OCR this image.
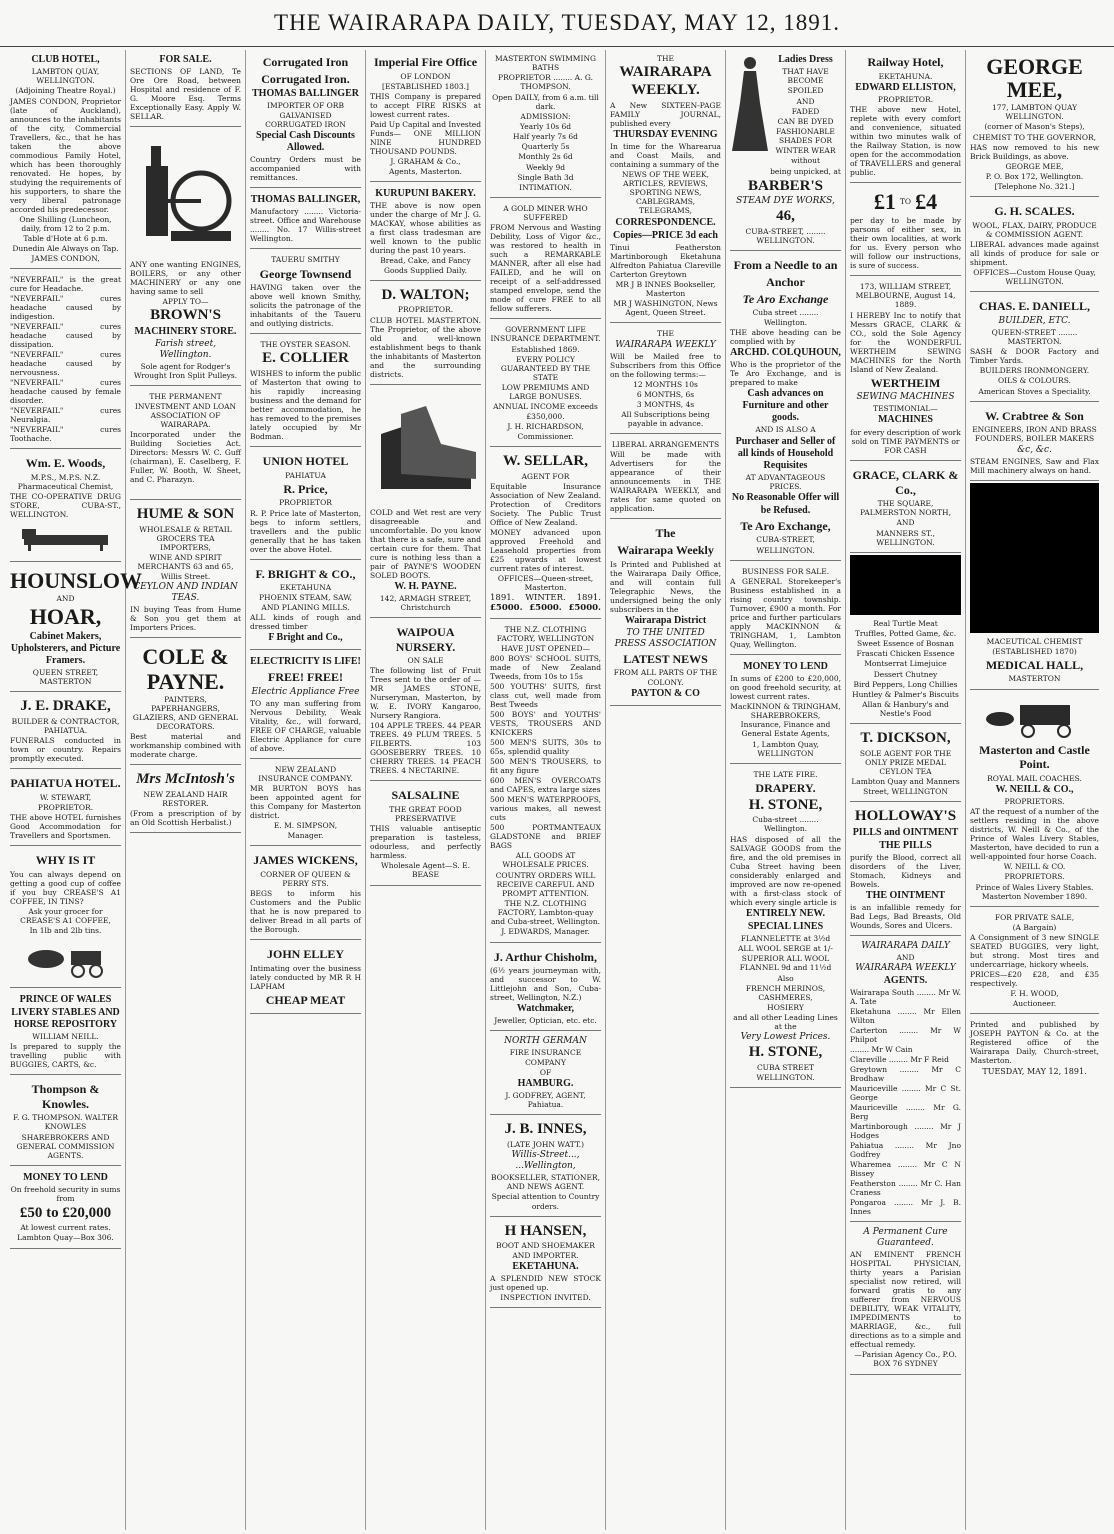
THE WAIRARAPA DAILY, TUESDAY, MAY 12, 1891.
CLUB HOTEL,
LAMBTON QUAY, WELLINGTON.
(Adjoining Theatre Royal.)

JAMES CONDON, Proprietor (late of Auckland), announces to the inhabitants of the city, Commercial Travellers, &c., that he has taken the above commodious Family Hotel, which has been thoroughly renovated. He hopes, by studying the requirements of his supporters, to share the very liberal patronage accorded his predecessor.

One Shilling (Luncheon, daily, from 12 to 2 p.m.
Table d'Hote at 6 p.m.
Dunedin Ale Always on Tap.
JAMES CONDON,

"NEVERFAIL" is the great cure for Headache.

"NEVERFAIL" cures headache caused by indigestion.

"NEVERFAIL" cures headache caused by dissipation.

"NEVERFAIL" cures headache caused by nervousness.

"NEVERFAIL" cures headache caused by female disorder.

"NEVERFAIL" cures Neuralgia.

"NEVERFAIL" cures Toothache.

Wm. E. Woods,
M.P.S., M.P.S. N.Z. Pharmaceutical Chemist,

THE CO-OPERATIVE DRUG STORE, CUBA-ST., WELLINGTON.

HOUNSLOW
AND
HOAR,
Cabinet Makers, Upholsterers, and Picture Framers.
QUEEN STREET, MASTERTON
J. E. DRAKE,
BUILDER & CONTRACTOR, PAHIATUA.

FUNERALS conducted in town or country. Repairs promptly executed.

PAHIATUA HOTEL.
W. STEWART,
PROPRIETOR.

THE above HOTEL furnishes Good Accommodation for Travellers and Sportsmen.

WHY IS IT

You can always depend on getting a good cup of coffee if you buy CREASE'S A1 COFFEE, IN TINS?

Ask your grocer for CREASE'S A1 COFFEE,
In 1lb and 2lb tins.
PRINCE OF WALES LIVERY STABLES AND HORSE REPOSITORY
WILLIAM NEILL.

Is prepared to supply the travelling public with BUGGIES, CARTS, &c.

Thompson & Knowles.
F. G. THOMPSON. WALTER KNOWLES
SHAREBROKERS AND GENERAL COMMISSION AGENTS.
MONEY TO LEND
On freehold security in sums from
£50 to £20,000
At lowest current rates.
Lambton Quay—Box 306.
FOR SALE.

SECTIONS OF LAND, Te Ore Ore Road, between Hospital and residence of F. G. Moore Esq. Terms Exceptionally Easy. Apply W. SELLAR.

ANY one wanting ENGINES, BOILERS, or any other MACHINERY or any one having same to sell

APPLY TO—
BROWN'S
MACHINERY STORE.
Farish street, Wellington.
Sole agent for Rodger's Wrought Iron Split Pulleys.
THE PERMANENT INVESTMENT AND LOAN ASSOCIATION OF WAIRARAPA.

Incorporated under the Building Societies Act. Directors: Messrs W. C. Guff (chairman), E. Caselberg, F. Fuller, W. Booth, W. Sheet, and C. Pharazyn.

HUME & SON
WHOLESALE & RETAIL GROCERS TEA IMPORTERS,
WINE AND SPIRIT MERCHANTS 63 and 65, Willis Street.
CEYLON AND INDIAN TEAS.

IN buying Teas from Hume & Son you get them at Importers Prices.

COLE &
PAYNE.
PAINTERS, PAPERHANGERS, GLAZIERS, AND GENERAL DECORATORS.

Best material and workmanship combined with moderate charge.

Mrs McIntosh's
NEW ZEALAND HAIR RESTORER.

(From a prescription of by an Old Scottish Herbalist.)

Corrugated Iron
Corrugated Iron.
THOMAS BALLINGER
IMPORTER OF ORB GALVANISED CORRUGATED IRON
Special Cash Discounts Allowed.

Country Orders must be accompanied with remittances.

THOMAS BALLINGER,

Manufactory ........ Victoria-street. Office and Warehouse ........ No. 17 Willis-street Wellington.

TAUERU SMITHY
George Townsend

HAVING taken over the above well known Smithy, solicits the patronage of the inhabitants of the Taueru and outlying districts.

THE OYSTER SEASON.
E. COLLIER

WISHES to inform the public of Masterton that owing to his rapidly increasing business and the demand for better accommodation, he has removed to the premises lately occupied by Mr Bodman.

UNION HOTEL
PAHIATUA
R. Price,
PROPRIETOR

R. P. Price late of Masterton, begs to inform settlers, travellers and the public generally that he has taken over the above Hotel.

F. BRIGHT & CO.,
EKETAHUNA
PHOENIX STEAM, SAW, AND PLANING MILLS.

ALL kinds of rough and dressed timber

F Bright and Co.,
ELECTRICITY IS LIFE!
FREE! FREE!
Electric Appliance Free

TO any man suffering from Nervous Debility, Weak Vitality, &c., will forward, FREE OF CHARGE, valuable Electric Appliance for cure of above.

NEW ZEALAND INSURANCE COMPANY.

MR BURTON BOYS has been appointed agent for this Company for Masterton district.

E. M. SIMPSON,
Manager.
JAMES WICKENS,
CORNER OF QUEEN & PERRY STS.

BEGS to inform his Customers and the Public that he is now prepared to deliver Bread in all parts of the Borough.

JOHN ELLEY

Intimating over the business lately conducted by MR R H LAPHAM

CHEAP MEAT
Imperial Fire Office
OF LONDON
[ESTABLISHED 1803.]

THIS Company is prepared to accept FIRE RISKS at lowest current rates.

Paid Up Capital and Invested Funds— ONE MILLION NINE HUNDRED THOUSAND POUNDS.

J. GRAHAM & Co.,
Agents, Masterton.
KURUPUNI BAKERY.

THE above is now open under the charge of Mr J. G. MACKAY, whose abilities as a first class tradesman are well known to the public during the past 10 years.

Bread, Cake, and Fancy Goods Supplied Daily.
D. WALTON;
PROPRIETOR.

CLUB HOTEL MASTERTON. The Proprietor, of the above old and well-known establishment begs to thank the inhabitants of Masterton and the surrounding districts.

COLD and Wet rest are very disagreeable and uncomfortable. Do you know that there is a safe, sure and certain cure for them. That cure is nothing less than a pair of PAYNE'S WOODEN SOLED BOOTS.

W. H. PAYNE.
142, ARMAGH STREET, Christchurch
WAIPOUA NURSERY.
ON SALE

The following list of Fruit Trees sent to the order of — MR JAMES STONE, Nurseryman, Masterton, by W. E. IVORY Kangaroo, Nursery Rangiora.

104 APPLE TREES. 44 PEAR TREES. 49 PLUM TREES. 5 FILBERTS. 103 GOOSEBERRY TREES. 10 CHERRY TREES. 14 PEACH TREES. 4 NECTARINE.

SALSALINE
THE GREAT FOOD PRESERVATIVE

THIS valuable antiseptic preparation is tasteless, odourless, and perfectly harmless.

Wholesale Agent—S. E. BEASE
MASTERTON SWIMMING BATHS
PROPRIETOR ........ A. G. THOMPSON.
Open DAILY, from 6 a.m. till dark.
ADMISSION:
Yearly 10s 6d
Half yearly 7s 6d
Quarterly 5s
Monthly 2s 6d
Weekly 9d
Single Bath 3d
INTIMATION.
A GOLD MINER WHO SUFFERED

FROM Nervous and Wasting Debility, Loss of Vigor &c., was restored to health in such a REMARKABLE MANNER, after all else had FAILED, and he will on receipt of a self-addressed stamped envelope, send the mode of cure FREE to all fellow sufferers.

GOVERNMENT LIFE INSURANCE DEPARTMENT.
Established 1869.
EVERY POLICY GUARANTEED BY THE STATE
LOW PREMIUMS AND LARGE BONUSES.
ANNUAL INCOME exceeds £350,000.
J. H. RICHARDSON,
Commissioner.
W. SELLAR,
AGENT FOR

Equitable Insurance Association of New Zealand. Protection of Creditors Society. The Public Trust Office of New Zealand.

MONEY advanced upon approved Freehold and Leasehold properties from £25 upwards at lowest current rates of interest.

OFFICES—Queen-street, Masterton.
1891. WINTER. 1891.
£5000. £5000. £5000.
THE N.Z. CLOTHING FACTORY, WELLINGTON
HAVE JUST OPENED—

800 BOYS' SCHOOL SUITS, made of New Zealand Tweeds, from 10s to 15s

500 YOUTHS' SUITS, first class cut, well made from Best Tweeds

500 BOYS' and YOUTHS' VESTS, TROUSERS AND KNICKERS

500 MEN'S SUITS, 30s to 65s, splendid quality

500 MEN'S TROUSERS, to fit any figure

600 MEN'S OVERCOATS and CAPES, extra large sizes

500 MEN'S WATERPROOFS, various makes, all newest cuts

500 PORTMANTEAUX GLADSTONE and BRIEF BAGS

ALL GOODS AT WHOLESALE PRICES.
COUNTRY ORDERS WILL RECEIVE CAREFUL AND PROMPT ATTENTION.
THE N.Z. CLOTHING FACTORY, Lambton-quay and Cuba-street, Wellington.
J. EDWARDS, Manager.
J. Arthur Chisholm,

(6½ years journeyman with, and successor to W. Littlejohn and Son, Cuba-street, Wellington, N.Z.)

Watchmaker,
Jeweller, Optician, etc. etc.
NORTH GERMAN
FIRE INSURANCE COMPANY
OF
HAMBURG.
J. GODFREY, AGENT, Pahiatua.
J. B. INNES,
(LATE JOHN WATT.)
Willis-Street..., ...Wellington,
BOOKSELLER, STATIONER, AND NEWS AGENT.
Special attention to Country orders.
H HANSEN,
BOOT AND SHOEMAKER AND IMPORTER.
EKETAHUNA.

A SPLENDID NEW STOCK just opened up.

INSPECTION INVITED.
THE
WAIRARAPA
WEEKLY.

A New SIXTEEN-PAGE FAMILY JOURNAL, published every

THURSDAY EVENING

In time for the Wharearua and Coast Mails, and containing a summary of the

NEWS OF THE WEEK, ARTICLES, REVIEWS, SPORTING NEWS, CABLEGRAMS, TELEGRAMS,
CORRESPONDENCE.
Copies—PRICE 3d each

Tinui Featherston Martinborough Eketahuna Alfredton Pahiatua Clareville Carterton Greytown

MR J B INNES Bookseller, Masterton
MR J WASHINGTON, News Agent, Queen Street.
THE
WAIRARAPA WEEKLY

Will be Mailed free to Subscribers from this Office on the following terms:—

12 MONTHS 10s
6 MONTHS, 6s
3 MONTHS, 4s
All Subscriptions being payable in advance.
LIBERAL ARRANGEMENTS

Will be made with Advertisers for the appearance of their announcements in THE WAIRARAPA WEEKLY, and rates for same quoted on application.

The
Wairarapa Weekly

Is Printed and Published at the Wairarapa Daily Office, and will contain full Telegraphic News, the undersigned being the only subscribers in the

Wairarapa District
TO THE UNITED PRESS ASSOCIATION
LATEST NEWS
FROM ALL PARTS OF THE COLONY.
PAYTON & CO
Ladies Dress
THAT HAVE BECOME
SPOILED
AND
FADED
CAN BE DYED
FASHIONABLE SHADES FOR
WINTER WEAR
without
being unpicked, at
BARBER'S
STEAM DYE WORKS,
46,
CUBA-STREET, ........ WELLINGTON.
From a Needle to an
Anchor
Te Aro Exchange
Cuba street ........ Wellington.

THE above heading can be complied with by

ARCHD. COLQUHOUN,

Who is the proprietor of the Te Aro Exchange, and is prepared to make

Cash advances on Furniture and other goods.
AND IS ALSO A
Purchaser and Seller of all kinds of Household Requisites
AT ADVANTAGEOUS PRICES.
No Reasonable Offer will be Refused.
Te Aro Exchange,
CUBA-STREET,
WELLINGTON.
BUSINESS FOR SALE.

A GENERAL Storekeeper's Business established in a rising country township. Turnover, £900 a month. For price and further particulars apply MACKINNON & TRINGHAM, 1, Lambton Quay, Wellington.

MONEY TO LEND

In sums of £200 to £20,000, on good freehold security, at lowest current rates.

MacKINNON & TRINGHAM, SHAREBROKERS, Insurance, Finance and General Estate Agents,
1, Lambton Quay, WELLINGTON
THE LATE FIRE.
DRAPERY.
H. STONE,
Cuba-street ........ Wellington.

HAS disposed of all the SALVAGE GOODS from the fire, and the old premises in Cuba Street having been considerably enlarged and improved are now re-opened with a first-class stock of which every single article is

ENTIRELY NEW.
SPECIAL LINES
FLANNELETTE at 3½d
ALL WOOL SERGE at 1/-
SUPERIOR ALL WOOL FLANNEL 9d and 11½d
Also
FRENCH MERINOS, CASHMERES,
HOSIERY
and all other Leading Lines at the
Very Lowest Prices.
H. STONE,
CUBA STREET
WELLINGTON.
Railway Hotel,
EKETAHUNA.
EDWARD ELLISTON,
PROPRIETOR.

THE above new Hotel, replete with every comfort and convenience, situated within two minutes walk of the Railway Station, is now open for the accommodation of TRAVELLERS and general public.

£1 TO £4

per day to be made by parsons of either sex, in their own localities, at work for us. Every person who will follow our instructions, is sure of success.

173, WILLIAM STREET, MELBOURNE, August 14, 1889.

I HEREBY Inc to notify that Messrs GRACE, CLARK & CO., sold the Sole Agency for the WONDERFUL WERTHEIM SEWING MACHINES for the North Island of New Zealand.

WERTHEIM
SEWING MACHINES
TESTIMONIAL—
MACHINES
for every description of work sold on TIME PAYMENTS or FOR CASH
GRACE, CLARK & Co.,
THE SQUARE, PALMERSTON NORTH,
AND
MANNERS ST., WELLINGTON.
Real Turtle Meat
Truffles, Potted Game, &c.
Sweet Essence of Bosnan
Frascati Chicken Essence
Montserrat Limejuice
Dessert Chutney
Bird Peppers, Long Chillies
Huntley & Palmer's Biscuits
Allan & Hanbury's and Nestle's Food
T. DICKSON,
SOLE AGENT FOR THE ONLY PRIZE MEDAL CEYLON TEA
Lambton Quay and Manners Street, WELLINGTON
HOLLOWAY'S
PILLS and OINTMENT
THE PILLS

purify the Blood, correct all disorders of the Liver, Stomach, Kidneys and Bowels.

THE OINTMENT

is an infallible remedy for Bad Legs, Bad Breasts, Old Wounds, Sores and Ulcers.

WAIRARAPA DAILY
AND
WAIRARAPA WEEKLY
AGENTS.

Wairarapa South ........ Mr W. A. Tate

Eketahuna ........ Mr Ellen Wilton

Carterton ........ Mr W Philpot

........ Mr W Cain

Clareville ........ Mr F Reid

Greytown ........ Mr C Brodhaw

Mauriceville ........ Mr C St. George

Mauriceville ........ Mr G. Berg

Martinborough ........ Mr J Hodges

Pahiatua ........ Mr Jno Godfrey

Wharemea ........ Mr C N Bissey

Featherston ........ Mr C. Han Craness

Pongaroa ........ Mr J. B. Innes

A Permanent Cure Guaranteed.

AN EMINENT FRENCH HOSPITAL PHYSICIAN, thirty years a Parisian specialist now retired, will forward gratis to any sufferer from NERVOUS DEBILITY, WEAK VITALITY, IMPEDIMENTS to MARRIAGE, &c., full directions as to a simple and effectual remedy.

—Parisian Agency Co., P.O. BOX 76 SYDNEY
GEORGE MEE,
177, LAMBTON QUAY WELLINGTON.
(corner of Mason's Steps),
CHEMIST TO THE GOVERNOR,

HAS now removed to his new Brick Buildings, as above.

GEORGE MEE,
P. O. Box 172, Wellington.
[Telephone No. 321.]
G. H. SCALES.
WOOL, FLAX, DAIRY, PRODUCE & COMMISSION AGENT.

LIBERAL advances made against all kinds of produce for sale or shipment.

OFFICES—Custom House Quay, WELLINGTON.
CHAS. E. DANIELL,
BUILDER, ETC.
QUEEN-STREET ........ MASTERTON.

SASH & DOOR Factory and Timber Yards.

BUILDERS IRONMONGERY.
OILS & COLOURS.
American Stoves a Speciality.
W. Crabtree & Son
ENGINEERS, IRON AND BRASS FOUNDERS, BOILER MAKERS
&c, &c.

STEAM ENGINES, Saw and Flax Mill machinery always on hand.

MACEUTICAL CHEMIST
(ESTABLISHED 1870)
MEDICAL HALL,
MASTERTON
Masterton and Castle Point.
ROYAL MAIL COACHES.
W. NEILL & CO.,
PROPRIETORS.

AT the request of a number of the settlers residing in the above districts, W. Neill & Co., of the Prince of Wales Livery Stables, Masterton, have decided to run a well-appointed four horse Coach.

W. NEILL & CO.
PROPRIETORS.
Prince of Wales Livery Stables. Masterton November 1890.
FOR PRIVATE SALE,
(A Bargain)

A Consignment of 3 new SINGLE SEATED BUGGIES, very light, but strong. Most tires and undercarriage, hickory wheels.

PRICES—£20 £28, and £35 respectively.

F. H. WOOD,
Auctioneer.

Printed and published by JOSEPH PAYTON & Co. at the Registered office of the Wairarapa Daily, Church-street, Masterton.

TUESDAY, MAY 12, 1891.
